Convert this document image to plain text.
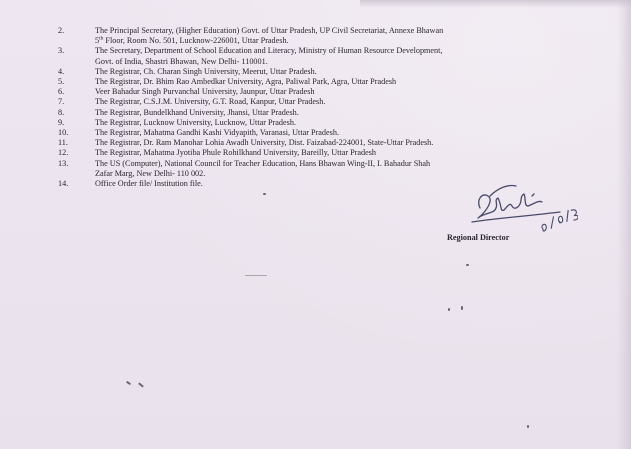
2.	The Principal Secretary, (Higher Education) Govt. of Uttar Pradesh, UP Civil Secretariat, Annexe Bhawan
5th Floor, Room No. 501, Lucknow-226001, Uttar Pradesh.
3.	The Secretary, Department of School Education and Literacy, Ministry of Human Resource Development,
Govt. of India, Shastri Bhawan, New Delhi- 110001.
4.	The Registrar, Ch. Charan Singh University, Meerut, Uttar Pradesh.
5.	The Registrar, Dr. Bhim Rao Ambedkar University, Agra, Paliwal Park, Agra, Uttar Pradesh
6.	Veer Bahadur Singh Purvanchal University, Jaunpur, Uttar Pradesh
7.	The Registrar, C.S.J.M. University, G.T. Road, Kanpur, Uttar Pradesh.
8.	The Registrar, Bundelkhand University, Jhansi, Uttar Pradesh.
9.	The Registrar, Lucknow University, Lucknow, Uttar Pradesh.
10.	The Registrar, Mahatma Gandhi Kashi Vidyapith, Varanasi, Uttar Pradesh.
11.	The Registrar, Dr. Ram Manohar Lohia Awadh University, Dist. Faizabad-224001, State-Uttar Pradesh.
12.	The Registrar, Mahatma Jyotiba Phule Rohilkhand University, Bareilly, Uttar Pradesh
13.	The US (Computer), National Council for Teacher Education, Hans Bhawan Wing-II, I. Bahadur Shah
Zafar Marg, New Delhi- 110 002.
14.	Office Order file/ Institution file.
Regional Director
